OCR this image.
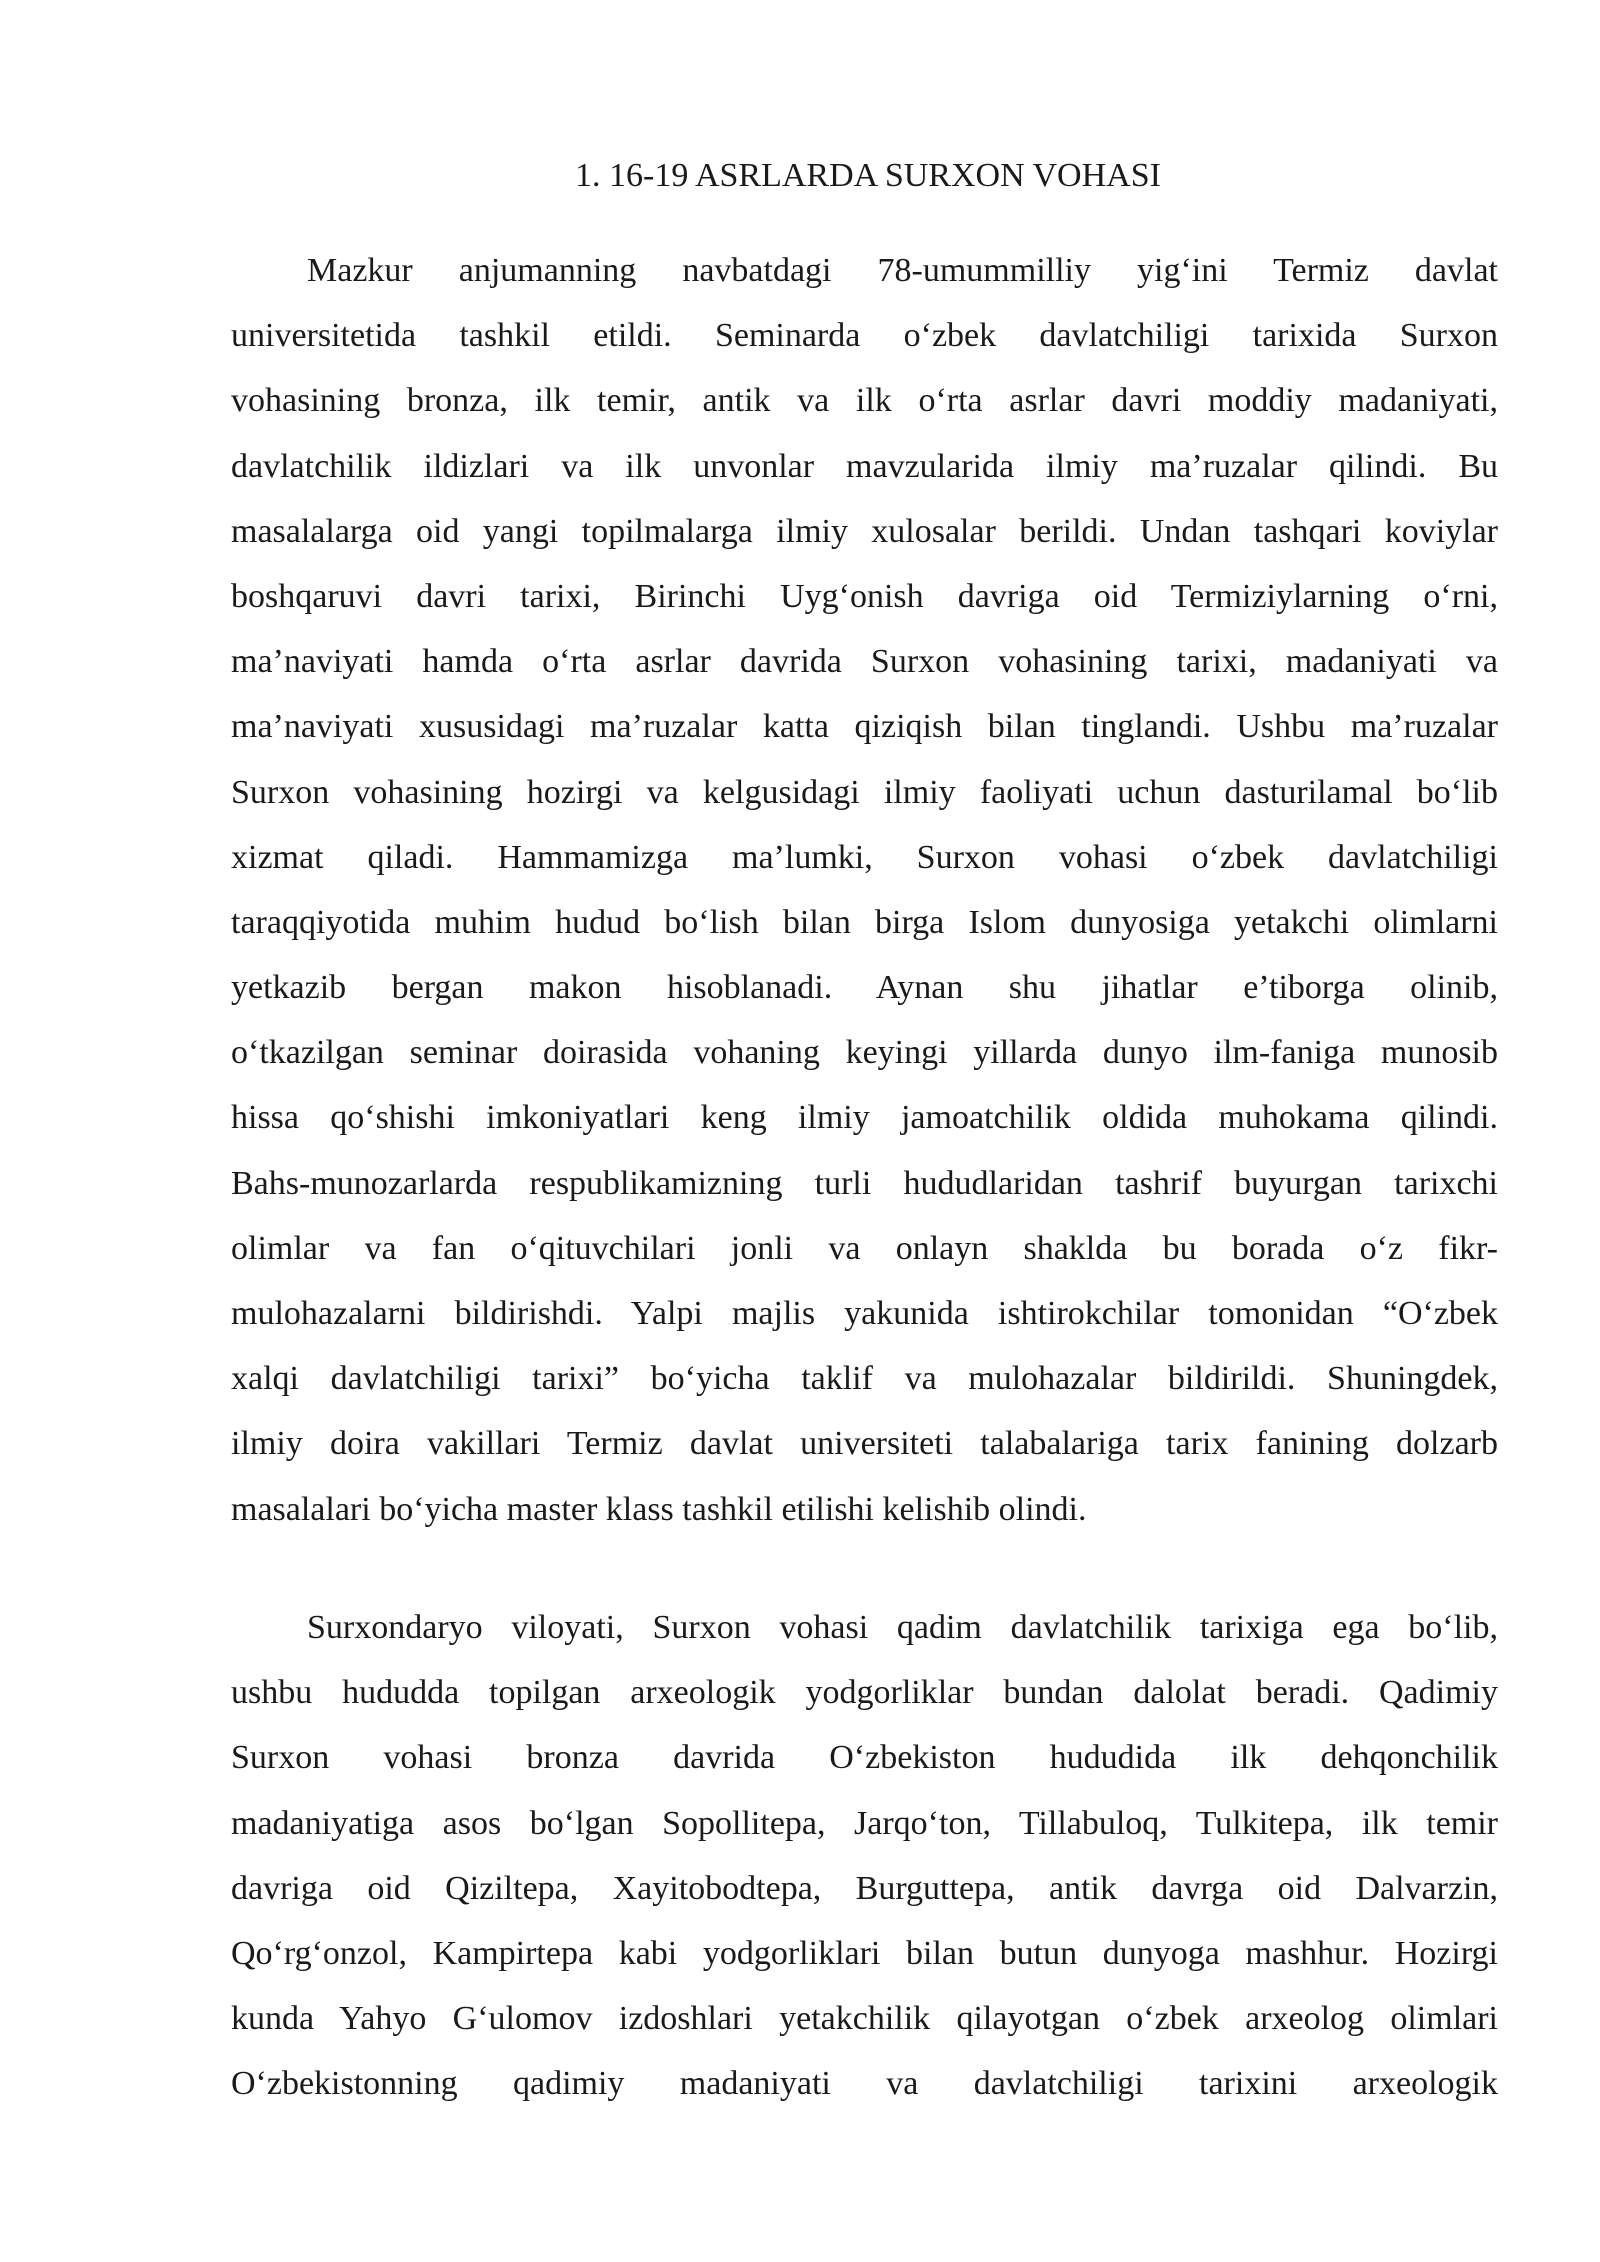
1. 16-19 ASRLARDA SURXON VOHASI
Mazkur anjumanning navbatdagi 78-umummilliy yig‘ini Termiz davlat
universitetida tashkil etildi. Seminarda o‘zbek davlatchiligi tarixida Surxon
vohasining bronza, ilk temir, antik va ilk o‘rta asrlar davri moddiy madaniyati,
davlatchilik ildizlari va ilk unvonlar mavzularida ilmiy ma’ruzalar qilindi. Bu
masalalarga oid yangi topilmalarga ilmiy xulosalar berildi. Undan tashqari koviylar
boshqaruvi davri tarixi, Birinchi Uyg‘onish davriga oid Termiziylarning o‘rni,
ma’naviyati hamda o‘rta asrlar davrida Surxon vohasining tarixi, madaniyati va
ma’naviyati xususidagi ma’ruzalar katta qiziqish bilan tinglandi. Ushbu ma’ruzalar
Surxon vohasining hozirgi va kelgusidagi ilmiy faoliyati uchun dasturilamal bo‘lib
xizmat qiladi. Hammamizga ma’lumki, Surxon vohasi o‘zbek davlatchiligi
taraqqiyotida muhim hudud bo‘lish bilan birga Islom dunyosiga yetakchi olimlarni
yetkazib bergan makon hisoblanadi. Aynan shu jihatlar e’tiborga olinib,
o‘tkazilgan seminar doirasida vohaning keyingi yillarda dunyo ilm-faniga munosib
hissa qo‘shishi imkoniyatlari keng ilmiy jamoatchilik oldida muhokama qilindi.
Bahs-munozarlarda respublikamizning turli hududlaridan tashrif buyurgan tarixchi
olimlar va fan o‘qituvchilari jonli va onlayn shaklda bu borada o‘z fikr-
mulohazalarni bildirishdi. Yalpi majlis yakunida ishtirokchilar tomonidan “O‘zbek
xalqi davlatchiligi tarixi” bo‘yicha taklif va mulohazalar bildirildi. Shuningdek,
ilmiy doira vakillari Termiz davlat universiteti talabalariga tarix fanining dolzarb
masalalari bo‘yicha master klass tashkil etilishi kelishib olindi.
Surxondaryo viloyati, Surxon vohasi qadim davlatchilik tarixiga ega bo‘lib,
ushbu hududda topilgan arxeologik yodgorliklar bundan dalolat beradi. Qadimiy
Surxon vohasi bronza davrida O‘zbekiston hududida ilk dehqonchilik
madaniyatiga asos bo‘lgan Sopollitepa, Jarqo‘ton, Tillabuloq, Tulkitepa, ilk temir
davriga oid Qiziltepa, Xayitobodtepa, Burguttepa, antik davrga oid Dalvarzin,
Qo‘rg‘onzol, Kampirtepa kabi yodgorliklari bilan butun dunyoga mashhur. Hozirgi
kunda Yahyo G‘ulomov izdoshlari yetakchilik qilayotgan o‘zbek arxeolog olimlari
O‘zbekistonning qadimiy madaniyati va davlatchiligi tarixini arxeologik
